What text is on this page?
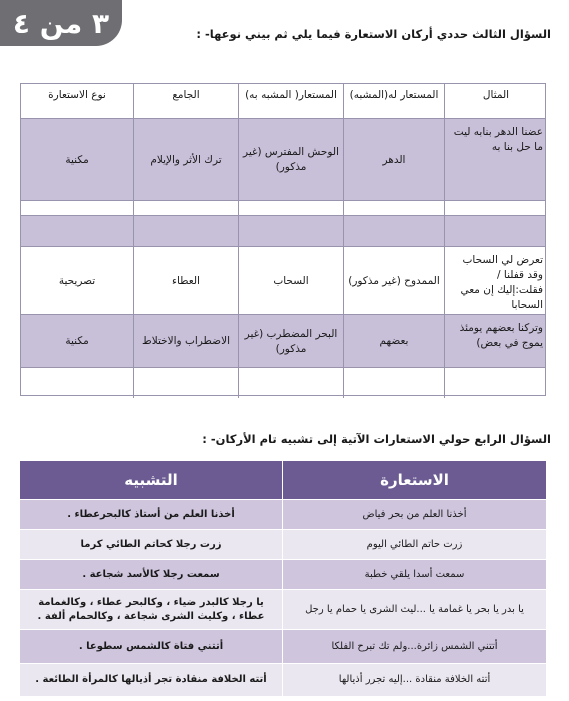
٣ من ٤	السؤال الثالث حددي أركان الاستعارة فيما يلي ثم بيني نوعها- :
المثال
المستعار له(المشبه)
المستعار( المشبه به)
الجامع
نوع الاستعارة
عضنا الدهر بنابه ليت ما حل بنا به
الدهر
الوحش المفترس (غير مذكور)
ترك الأثر والإيلام
مكنية
تعرض لي السحاب وقد قفلنا / فقلت:إليك إن معي السحابا
الممدوح (غير مذكور)
السحاب
العطاء
تصريحية
وتركنا بعضهم يومئذ يموج في بعض)
بعضهم
البحر المضطرب (غير مذكور)
الاضطراب والاختلاط
مكنية
السؤال الرابع حولي الاستعارات الآتية إلى تشبيه تام الأركان- :
الاستعارة
التشبيه
أخذنا العلم من بحر فياض
أخذنا العلم من أستاذ كالبحرعطاء .
زرت حاتم الطائي اليوم
زرت رجلا كحاتم الطائي كرما
سمعت أسدا يلقي خطبة
سمعت رجلا كالأسد شجاعة .
يا بدر يا بحر يا غمامة يا ...ليث الشرى يا حمام يا رجل
يا رجلا كالبدر ضياء ، وكالبحر عطاء ، وكالغمامة عطاء ، وكليث الشرى شجاعة ، وكالحمام ألفة .
أتتني الشمس زائرة...ولم تك تبرح الفلكا
أتتني فتاة كالشمس سطوعا .
أتته الخلافة منقادة ...إليه تجرر أذيالها
أتته الخلافة منقادة تجر أذيالها كالمرأة الطائعة .
